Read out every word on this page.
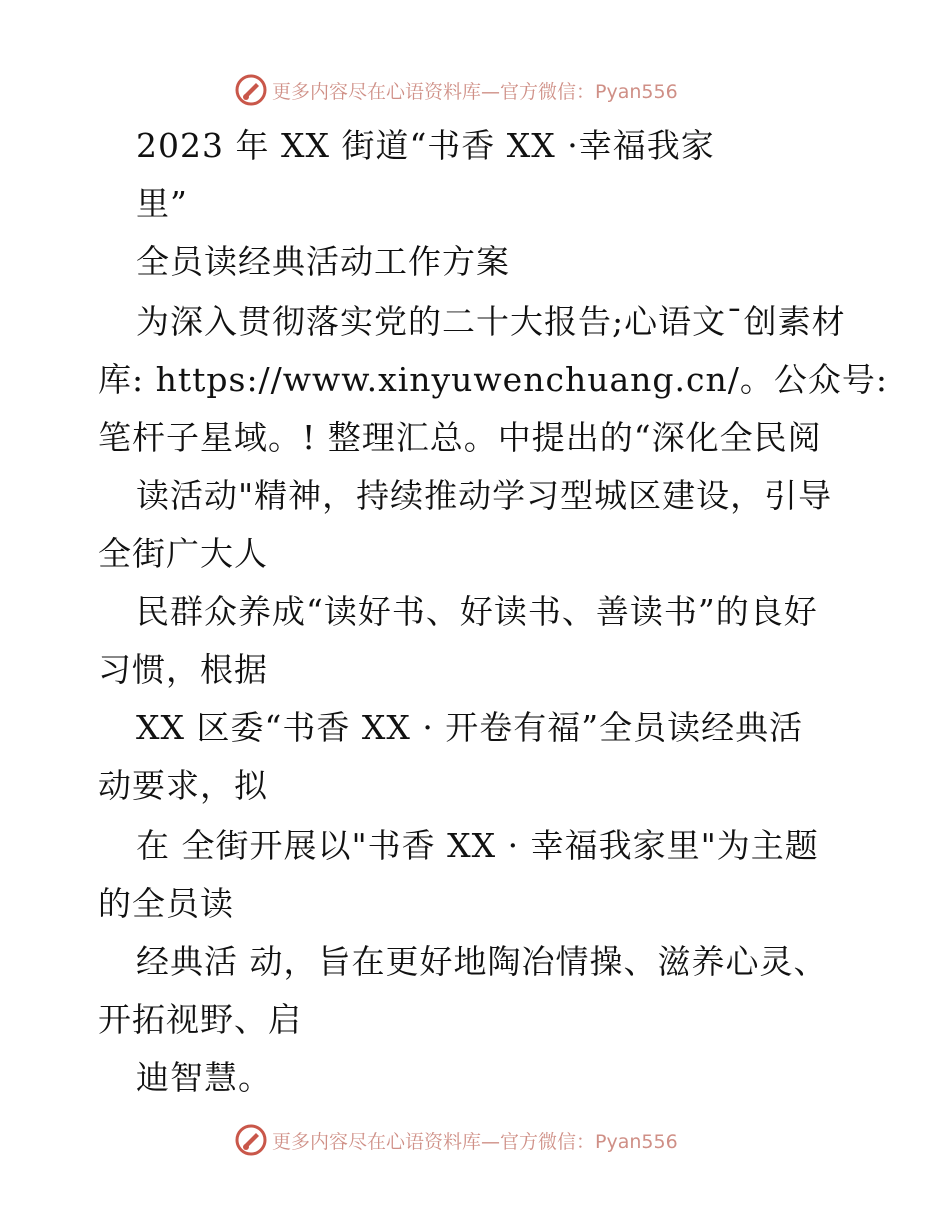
更多内容尽在心语资料库—官方微信：Pyan556
2023 年 XX 街道“书香 XX ·幸福我家
里”
全员读经典活动工作方案
为深入贯彻落实党的二十大报告;心语文¯创素材
库: https://www.xinyuwenchuang.cn/。公众号:
笔杆子星域。! 整理汇总。中提出的“深化全民阅
读活动"精神，持续推动学习型城区建设，引导
全街广大人
民群众养成“读好书、好读书、善读书”的良好
习惯，根据
XX 区委“书香 XX · 开卷有福”全员读经典活
动要求，拟
在 全街开展以"书香 XX · 幸福我家里"为主题
的全员读
经典活 动，旨在更好地陶冶情操、滋养心灵、
开拓视野、启
迪智慧。
更多内容尽在心语资料库—官方微信：Pyan556
